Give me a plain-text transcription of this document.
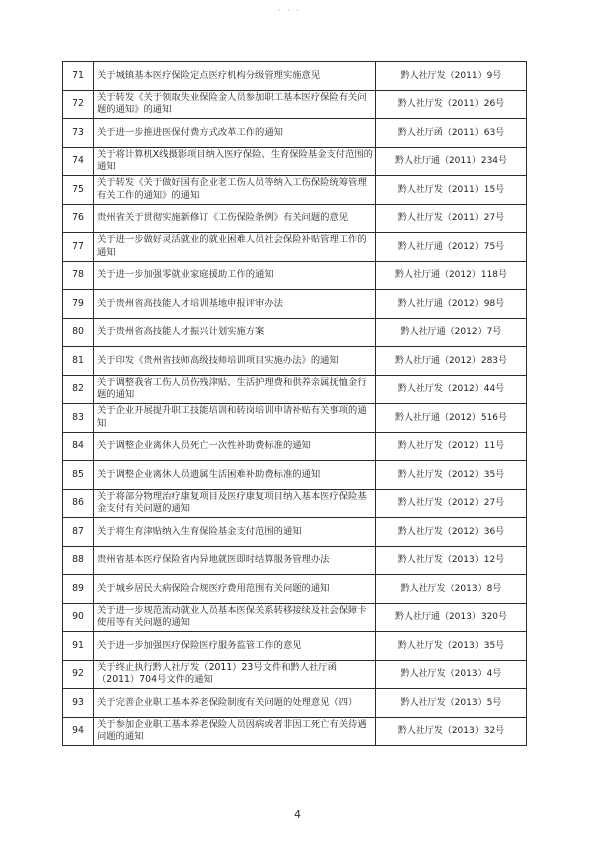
· · ·
71	关于城镇基本医疗保险定点医疗机构分级管理实施意见	黔人社厅发（2011）9号
72	关于转发《关于领取失业保险金人员参加职工基本医疗保险有关问题的通知》的通知	黔人社厅发（2011）26号
73	关于进一步推进医保付费方式改革工作的通知	黔人社厅函（2011）63号
74	关于将计算机X线摄影项目纳入医疗保险、生育保险基金支付范围的通知	黔人社厅通（2011）234号
75	关于转发《关于做好国有企业老工伤人员等纳入工伤保险统筹管理有关工作的通知》的通知	黔人社厅发（2011）15号
76	贵州省关于贯彻实施新修订《工伤保险条例》有关问题的意见	黔人社厅发（2011）27号
77	关于进一步做好灵活就业的就业困难人员社会保险补贴管理工作的通知	黔人社厅通（2012）75号
78	关于进一步加强零就业家庭援助工作的通知	黔人社厅通（2012）118号
79	关于贵州省高技能人才培训基地申报评审办法	黔人社厅通（2012）98号
80	关于贵州省高技能人才振兴计划实施方案	黔人社厅通（2012）7号
81	关于印发《贵州省技师高级技师培训项目实施办法》的通知	黔人社厅通（2012）283号
82	关于调整我省工伤人员伤残津贴、生活护理费和供养亲属抚恤金行题的通知	黔人社厅发（2012）44号
83	关于企业开展提升职工技能培训和转岗培训申请补贴有关事项的通知	黔人社厅通（2012）516号
84	关于调整企业离休人员死亡一次性补助费标准的通知	黔人社厅发（2012）11号
85	关于调整企业离休人员遗属生活困难补助费标准的通知	黔人社厅发（2012）35号
86	关于将部分物理治疗康复项目及医疗康复项目纳入基本医疗保险基金支付有关问题的通知	黔人社厅发（2012）27号
87	关于将生育津贴纳入生育保险基金支付范围的通知	黔人社厅发（2012）36号
88	贵州省基本医疗保险省内异地就医即时结算服务管理办法	黔人社厅发（2013）12号
89	关于城乡居民大病保险合规医疗费用范围有关问题的通知	黔人社厅发（2013）8号
90	关于进一步规范流动就业人员基本医保关系转移接续及社会保障卡使用等有关问题的通知	黔人社厅通（2013）320号
91	关于进一步加强医疗保险医疗服务监管工作的意见	黔人社厅发（2013）35号
92	关于终止执行黔人社厅发（2011）23号文件和黔人社厅函（2011）704号文件的通知	黔人社厅发（2013）4号
93	关于完善企业职工基本养老保险制度有关问题的处理意见（四）	黔人社厅发（2013）5号
94	关于参加企业职工基本养老保险人员因病或者非因工死亡有关待遇问题的通知	黔人社厅发（2013）32号
4
